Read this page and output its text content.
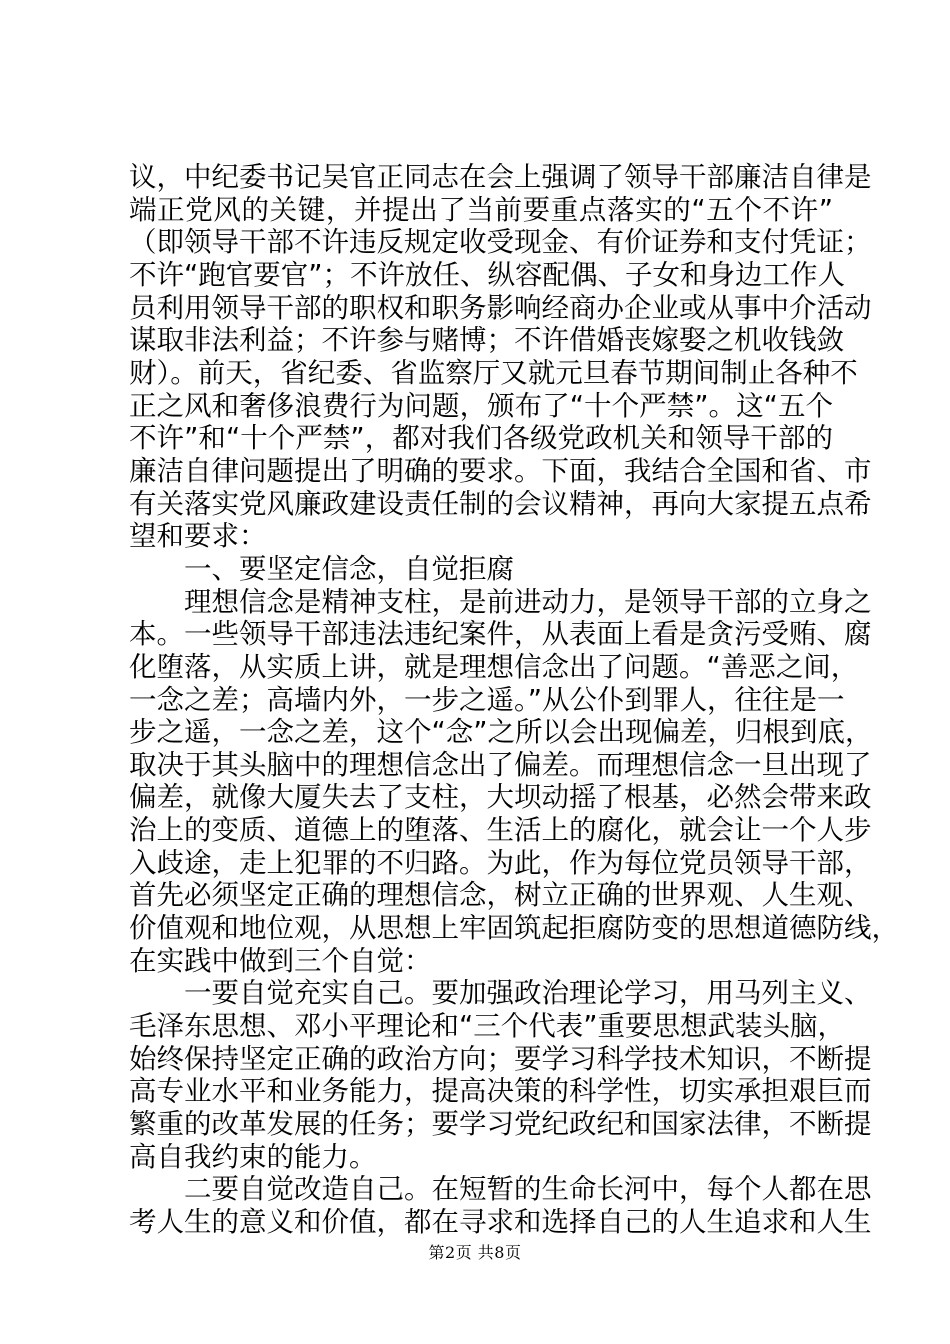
议，中纪委书记吴官正同志在会上强调了领导干部廉洁自律是
端正党风的关键，并提出了当前要重点落实的“五个不许”
（即领导干部不许违反规定收受现金、有价证券和支付凭证；
不许“跑官要官”；不许放任、纵容配偶、子女和身边工作人
员利用领导干部的职权和职务影响经商办企业或从事中介活动
谋取非法利益；不许参与赌博；不许借婚丧嫁娶之机收钱敛
财）。前天，省纪委、省监察厅又就元旦春节期间制止各种不
正之风和奢侈浪费行为问题，颁布了“十个严禁”。这“五个
不许”和“十个严禁”，都对我们各级党政机关和领导干部的
廉洁自律问题提出了明确的要求。下面，我结合全国和省、市
有关落实党风廉政建设责任制的会议精神，再向大家提五点希
望和要求：
一、要坚定信念，自觉拒腐
理想信念是精神支柱，是前进动力，是领导干部的立身之
本。一些领导干部违法违纪案件，从表面上看是贪污受贿、腐
化堕落，从实质上讲，就是理想信念出了问题。“善恶之间，
一念之差；高墙内外，一步之遥。”从公仆到罪人，往往是一
步之遥，一念之差，这个“念”之所以会出现偏差，归根到底，
取决于其头脑中的理想信念出了偏差。而理想信念一旦出现了
偏差，就像大厦失去了支柱，大坝动摇了根基，必然会带来政
治上的变质、道德上的堕落、生活上的腐化，就会让一个人步
入歧途，走上犯罪的不归路。为此，作为每位党员领导干部，
首先必须坚定正确的理想信念，树立正确的世界观、人生观、
价值观和地位观，从思想上牢固筑起拒腐防变的思想道德防线，
在实践中做到三个自觉：
一要自觉充实自己。要加强政治理论学习，用马列主义、
毛泽东思想、邓小平理论和“三个代表”重要思想武装头脑，
始终保持坚定正确的政治方向；要学习科学技术知识，不断提
高专业水平和业务能力，提高决策的科学性，切实承担艰巨而
繁重的改革发展的任务；要学习党纪政纪和国家法律，不断提
高自我约束的能力。
二要自觉改造自己。在短暂的生命长河中，每个人都在思
考人生的意义和价值，都在寻求和选择自己的人生追求和人生
第2页 共8页
